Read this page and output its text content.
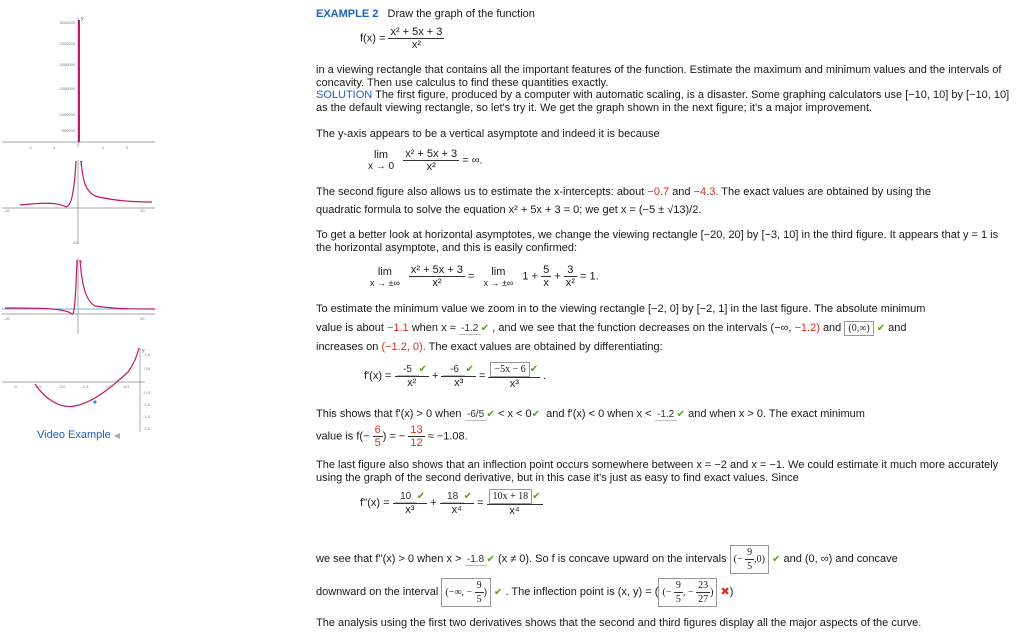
y
3000000
2500000
2000000
1500000
1000000
500000
-2	-1	1	2
y
-10	10
-10
y
-20	20
y
1.0
0.5
-0.5
-1.0
-1.5
-2.0
-3	-2.5	-2.0	-1.5	-1.0	-0.5
Video Example ◀︎
EXAMPLE 2 Draw the graph of the function
$f(x) = \frac{\text{x² + 5x + 3}}{\text{x²}}$
in a viewing rectangle that contains all the important features of the function. Estimate the maximum and minimum values and the intervals of concavity. Then use calculus to find these quantities exactly.
SOLUTION The first figure, produced by a computer with automatic scaling, is a disaster. Some graphing calculators use [−10, 10] by [−10, 10] as the default viewing rectangle, so let's try it. We get the graph shown in the next figure; it's a major improvement.
The y-axis appears to be a vertical asymptote and indeed it is because
lim
x → 0
$\frac{\text{x² + 5x + 3}}{\text{x²}}$ = ∞.
The second figure also allows us to estimate the x-intercepts: about −0.7 and −4.3. The exact values are obtained by using the
quadratic formula to solve the equation x² + 5x + 3 = 0; we get x = (−5 ± √13)/2.
To get a better look at horizontal asymptotes, we change the viewing rectangle [−20, 20] by [−3, 10] in the third figure. It appears that y = 1 is the horizontal asymptote, and this is easily confirmed:
lim
x → ±∞
$\frac{\text{x² + 5x + 3}}{\text{x²}} = \lim$
x → ±∞
$1 + \frac{5}{x} + \frac{3}{\text{x²}} = 1$.
To estimate the minimum value we zoom in to the viewing rectangle [−2, 0] by [−2, 1] in the last figure. The absolute minimum
value is about −1.1 when x ≈ -1.2 ✔ , and we see that the function decreases on the intervals (−∞, −1.2) and (0,∞) ✔ and
increases on (−1.2, 0). The exact values are obtained by differentiating:
$f'(x) = \frac{-5 ✔}{\text{x²}} + \frac{-6 ✔}{\text{x³}} = \frac{-5x - 6 ✔}{\text{x³}}$ .
This shows that f'(x) > 0 when -6/5 ✔ < x < 0✔ and f'(x) < 0 when x < -1.2 ✔ and when x > 0. The exact minimum
value is $f(- \frac{6}{5}$ ) = − $\frac{13}{12} \approx -1.08$.
The last figure also shows that an inflection point occurs somewhere between x = −2 and x = −1. We could estimate it much more accurately using the graph of the second derivative, but in this case it's just as easy to find exact values. Since
$f''(x) = \frac{10 ✔}{\text{x³}} + \frac{18 ✔}{\text{x⁴}} = \frac{10x + 18 ✔}{\text{x⁴}}$
we see that f''(x) > 0 when x > -1.8 ✔ (x ≠ 0). So f is concave upward on the intervals (− $\frac{9}{5} ,0$) ✔ and (0, ∞) and concave
downward on the interval (−∞, − $\frac{9}{5}$ ) ✔ . The inflection point is (x, y) = ( (− $\frac{9}{5}$ , − $\frac{23}{27}$ ) ✖)
The analysis using the first two derivatives shows that the second and third figures display all the major aspects of the curve.
